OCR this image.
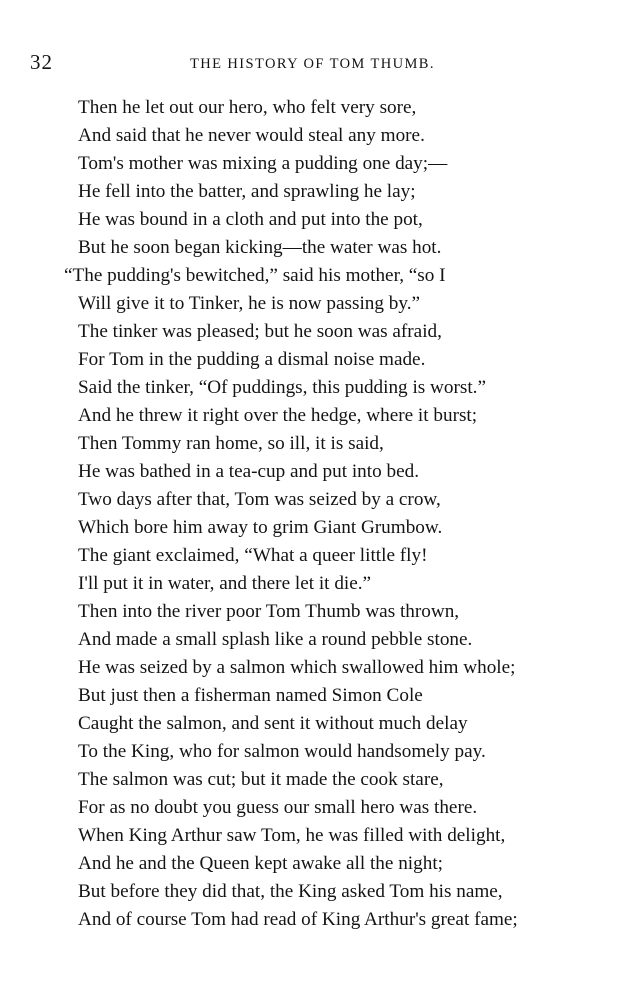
32	THE HISTORY OF TOM THUMB.
Then he let out our hero, who felt very sore,
And said that he never would steal any more.
Tom's mother was mixing a pudding one day;—
He fell into the batter, and sprawling he lay;
He was bound in a cloth and put into the pot,
But he soon began kicking—the water was hot.
“The pudding's bewitched,” said his mother, “so I
Will give it to Tinker, he is now passing by.”
The tinker was pleased; but he soon was afraid,
For Tom in the pudding a dismal noise made.
Said the tinker, “Of puddings, this pudding is worst.”
And he threw it right over the hedge, where it burst;
Then Tommy ran home, so ill, it is said,
He was bathed in a tea-cup and put into bed.
Two days after that, Tom was seized by a crow,
Which bore him away to grim Giant Grumbow.
The giant exclaimed, “What a queer little fly!
I'll put it in water, and there let it die.”
Then into the river poor Tom Thumb was thrown,
And made a small splash like a round pebble stone.
He was seized by a salmon which swallowed him whole;
But just then a fisherman named Simon Cole
Caught the salmon, and sent it without much delay
To the King, who for salmon would handsomely pay.
The salmon was cut; but it made the cook stare,
For as no doubt you guess our small hero was there.
When King Arthur saw Tom, he was filled with delight,
And he and the Queen kept awake all the night;
But before they did that, the King asked Tom his name,
And of course Tom had read of King Arthur's great fame;
